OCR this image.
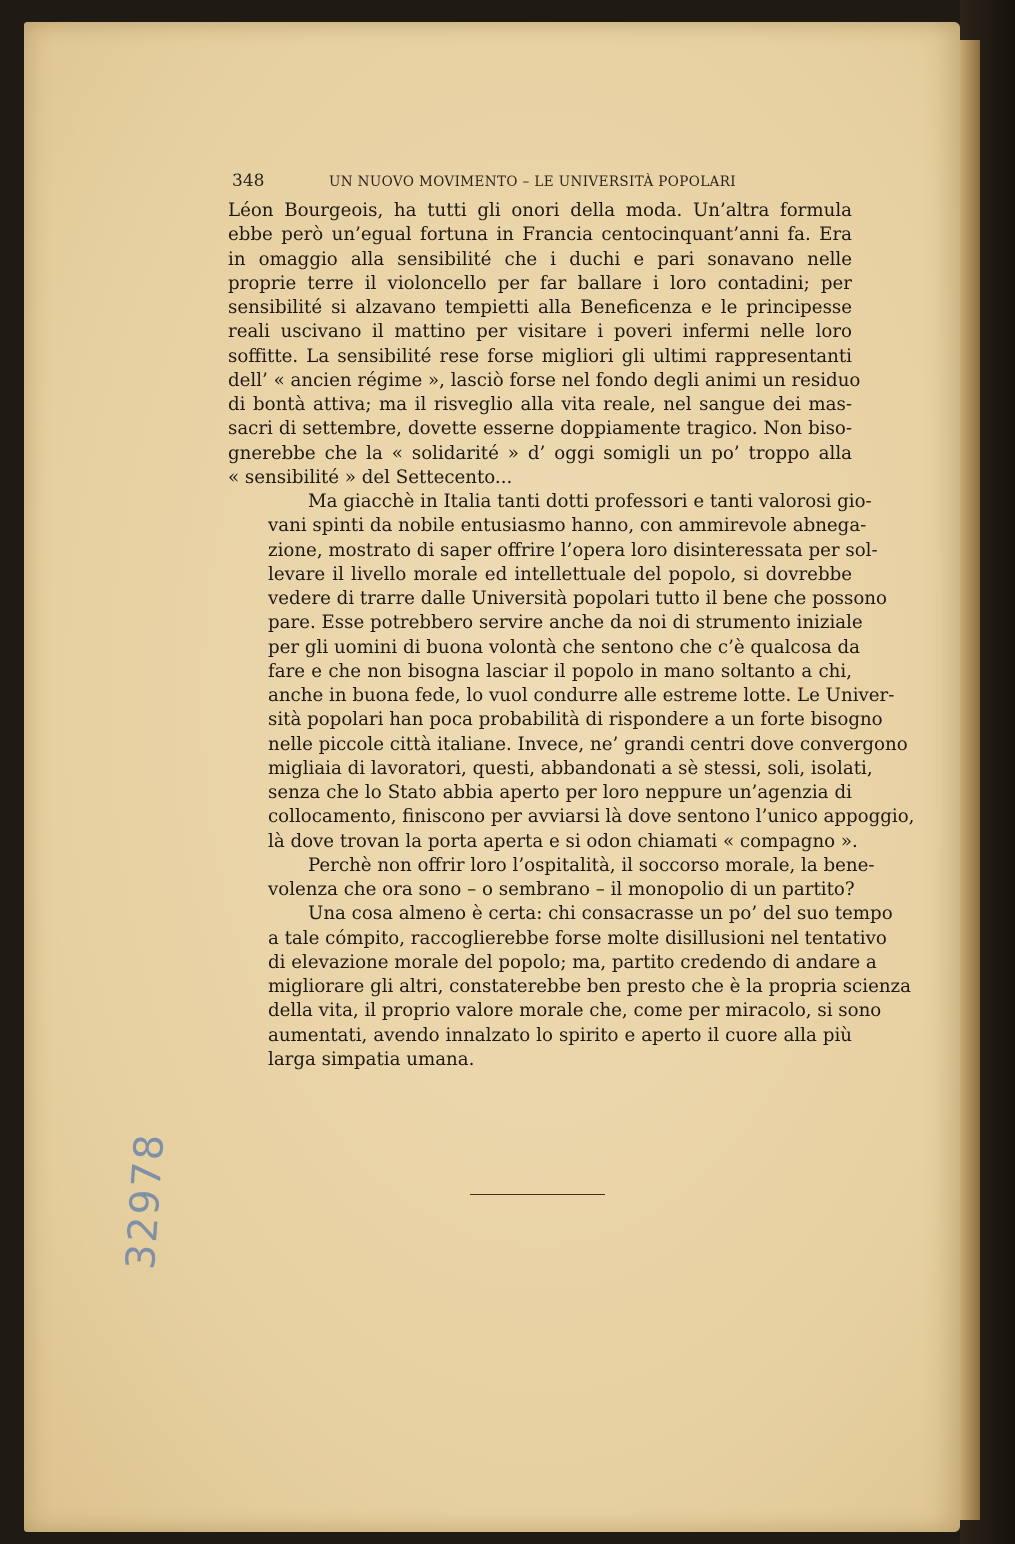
348	UN NUOVO MOVIMENTO – LE UNIVERSITÀ POPOLARI

Léon Bourgeois, ha tutti gli onori della moda. Un’altra formula
ebbe però un’egual fortuna in Francia centocinquant’anni fa. Era
in omaggio alla sensibilité che i duchi e pari sonavano nelle
proprie terre il violoncello per far ballare i loro contadini; per
sensibilité si alzavano tempietti alla Beneficenza e le principesse
reali uscivano il mattino per visitare i poveri infermi nelle loro
soffitte. La sensibilité rese forse migliori gli ultimi rappresentanti
dell’ « ancien régime », lasciò forse nel fondo degli animi un residuo
di bontà attiva; ma il risveglio alla vita reale, nel sangue dei mas-
sacri di settembre, dovette esserne doppiamente tragico. Non biso-
gnerebbe che la « solidarité » d’ oggi somigli un po’ troppo alla
« sensibilité » del Settecento...

Ma giacchè in Italia tanti dotti professori e tanti valorosi gio-
vani spinti da nobile entusiasmo hanno, con ammirevole abnega-
zione, mostrato di saper offrire l’opera loro disinteressata per sol-
levare il livello morale ed intellettuale del popolo, si dovrebbe
vedere di trarre dalle Università popolari tutto il bene che possono
pare. Esse potrebbero servire anche da noi di strumento iniziale
per gli uomini di buona volontà che sentono che c’è qualcosa da
fare e che non bisogna lasciar il popolo in mano soltanto a chi,
anche in buona fede, lo vuol condurre alle estreme lotte. Le Univer-
sità popolari han poca probabilità di rispondere a un forte bisogno
nelle piccole città italiane. Invece, ne’ grandi centri dove convergono
migliaia di lavoratori, questi, abbandonati a sè stessi, soli, isolati,
senza che lo Stato abbia aperto per loro neppure un’agenzia di
collocamento, finiscono per avviarsi là dove sentono l’unico appoggio,
là dove trovan la porta aperta e si odon chiamati « compagno ».

Perchè non offrir loro l’ospitalità, il soccorso morale, la bene-
volenza che ora sono – o sembrano – il monopolio di un partito?

Una cosa almeno è certa: chi consacrasse un po’ del suo tempo
a tale cómpito, raccoglierebbe forse molte disillusioni nel tentativo
di elevazione morale del popolo; ma, partito credendo di andare a
migliorare gli altri, constaterebbe ben presto che è la propria scienza
della vita, il proprio valore morale che, come per miracolo, si sono
aumentati, avendo innalzato lo spirito e aperto il cuore alla più
larga simpatia umana.

32978
